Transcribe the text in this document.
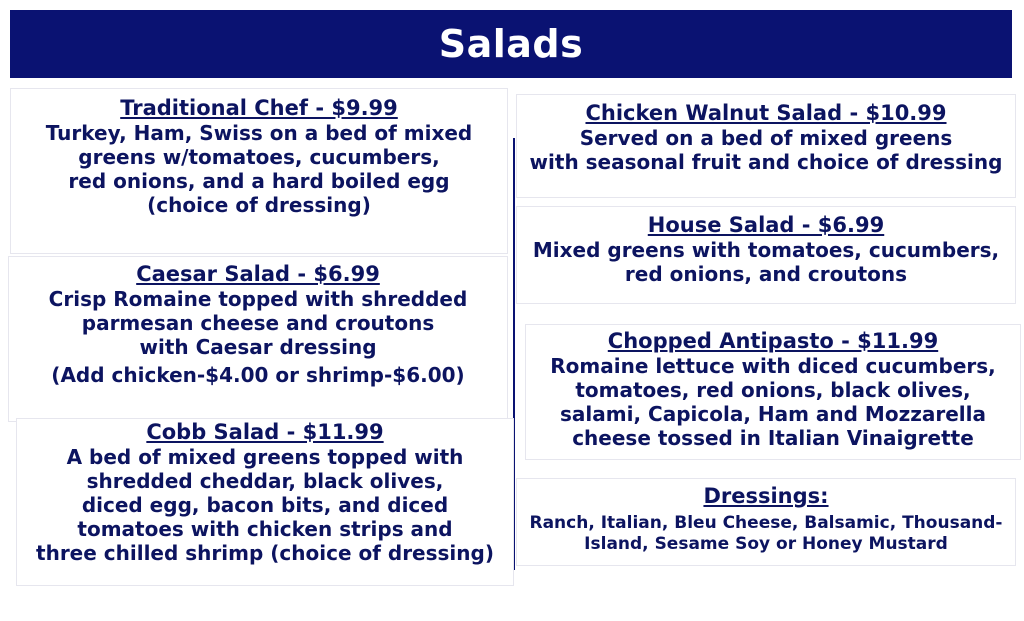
Salads

Traditional Chef - $9.99

Turkey, Ham, Swiss on a bed of mixed

greens w/tomatoes, cucumbers,

red onions, and a hard boiled egg

(choice of dressing)

Caesar Salad - $6.99

Crisp Romaine topped with shredded

parmesan cheese and croutons

with Caesar dressing

(Add chicken-$4.00 or shrimp-$6.00)

Cobb Salad - $11.99

A bed of mixed greens topped with

shredded cheddar, black olives,

diced egg, bacon bits, and diced

tomatoes with chicken strips and

three chilled shrimp (choice of dressing)

Chicken Walnut Salad - $10.99

Served on a bed of mixed greens

with seasonal fruit and choice of dressing

House Salad - $6.99

Mixed greens with tomatoes, cucumbers,

red onions, and croutons

Chopped Antipasto - $11.99

Romaine lettuce with diced cucumbers,

tomatoes, red onions, black olives,

salami, Capicola, Ham and Mozzarella

cheese tossed in Italian Vinaigrette

Dressings:

Ranch, Italian, Bleu Cheese, Balsamic, Thousand-

Island, Sesame Soy or Honey Mustard
